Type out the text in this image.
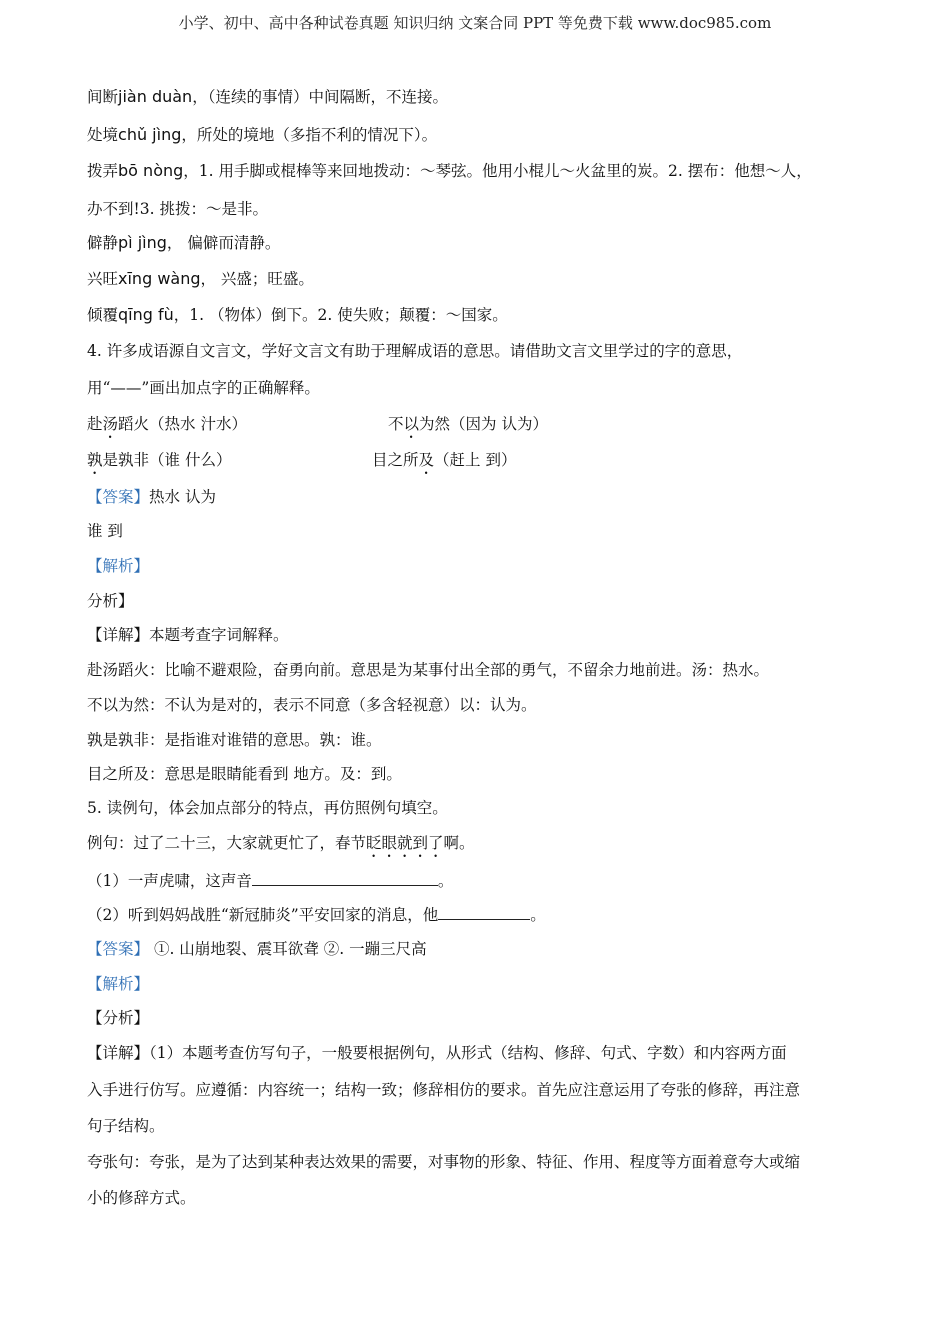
小学、初中、高中各种试卷真题 知识归纳 文案合同 PPT 等免费下载 www.doc985.com
间断jiàn duàn，（连续的事情）中间隔断，不连接。
处境chǔ jìng，所处的境地（多指不利的情况下）。
拨弄bō nòng，1. 用手脚或棍棒等来回地拨动：～琴弦。他用小棍儿～火盆里的炭。2. 摆布：他想～人，
办不到!3. 挑拨：～是非。
僻静pì jìng， 偏僻而清静。
兴旺xīng wàng， 兴盛；旺盛。
倾覆qīng fù，1. （物体）倒下。2. 使失败；颠覆：～国家。
4. 许多成语源自文言文，学好文言文有助于理解成语的意思。请借助文言文里学过的字的意思，
用“——”画出加点字的正确解释。
赴汤蹈火（热水 汁水）	不以为然（因为 认为）
孰是孰非（谁 什么）	目之所及（赶上 到）
【答案】热水 认为
谁 到
【解析】
分析】
【详解】本题考查字词解释。
赴汤蹈火：比喻不避艰险，奋勇向前。意思是为某事付出全部的勇气，不留余力地前进。汤：热水。
不以为然：不认为是对的，表示不同意（多含轻视意）以：认为。
孰是孰非：是指谁对谁错的意思。孰：谁。
目之所及：意思是眼睛能看到 地方。及：到。
5. 读例句，体会加点部分的特点，再仿照例句填空。
例句：过了二十三，大家就更忙了，春节眨眼就到了啊。
（1）一声虎啸，这声音	。
（2）听到妈妈战胜“新冠肺炎”平安回家的消息，他	。
【答案】 ①. 山崩地裂、震耳欲聋 ②. 一蹦三尺高
【解析】
【分析】
【详解】（1）本题考查仿写句子，一般要根据例句，从形式（结构、修辞、句式、字数）和内容两方面
入手进行仿写。应遵循：内容统一；结构一致；修辞相仿的要求。首先应注意运用了夸张的修辞，再注意
句子结构。
夸张句：夸张，是为了达到某种表达效果的需要，对事物的形象、特征、作用、程度等方面着意夸大或缩
小的修辞方式。
